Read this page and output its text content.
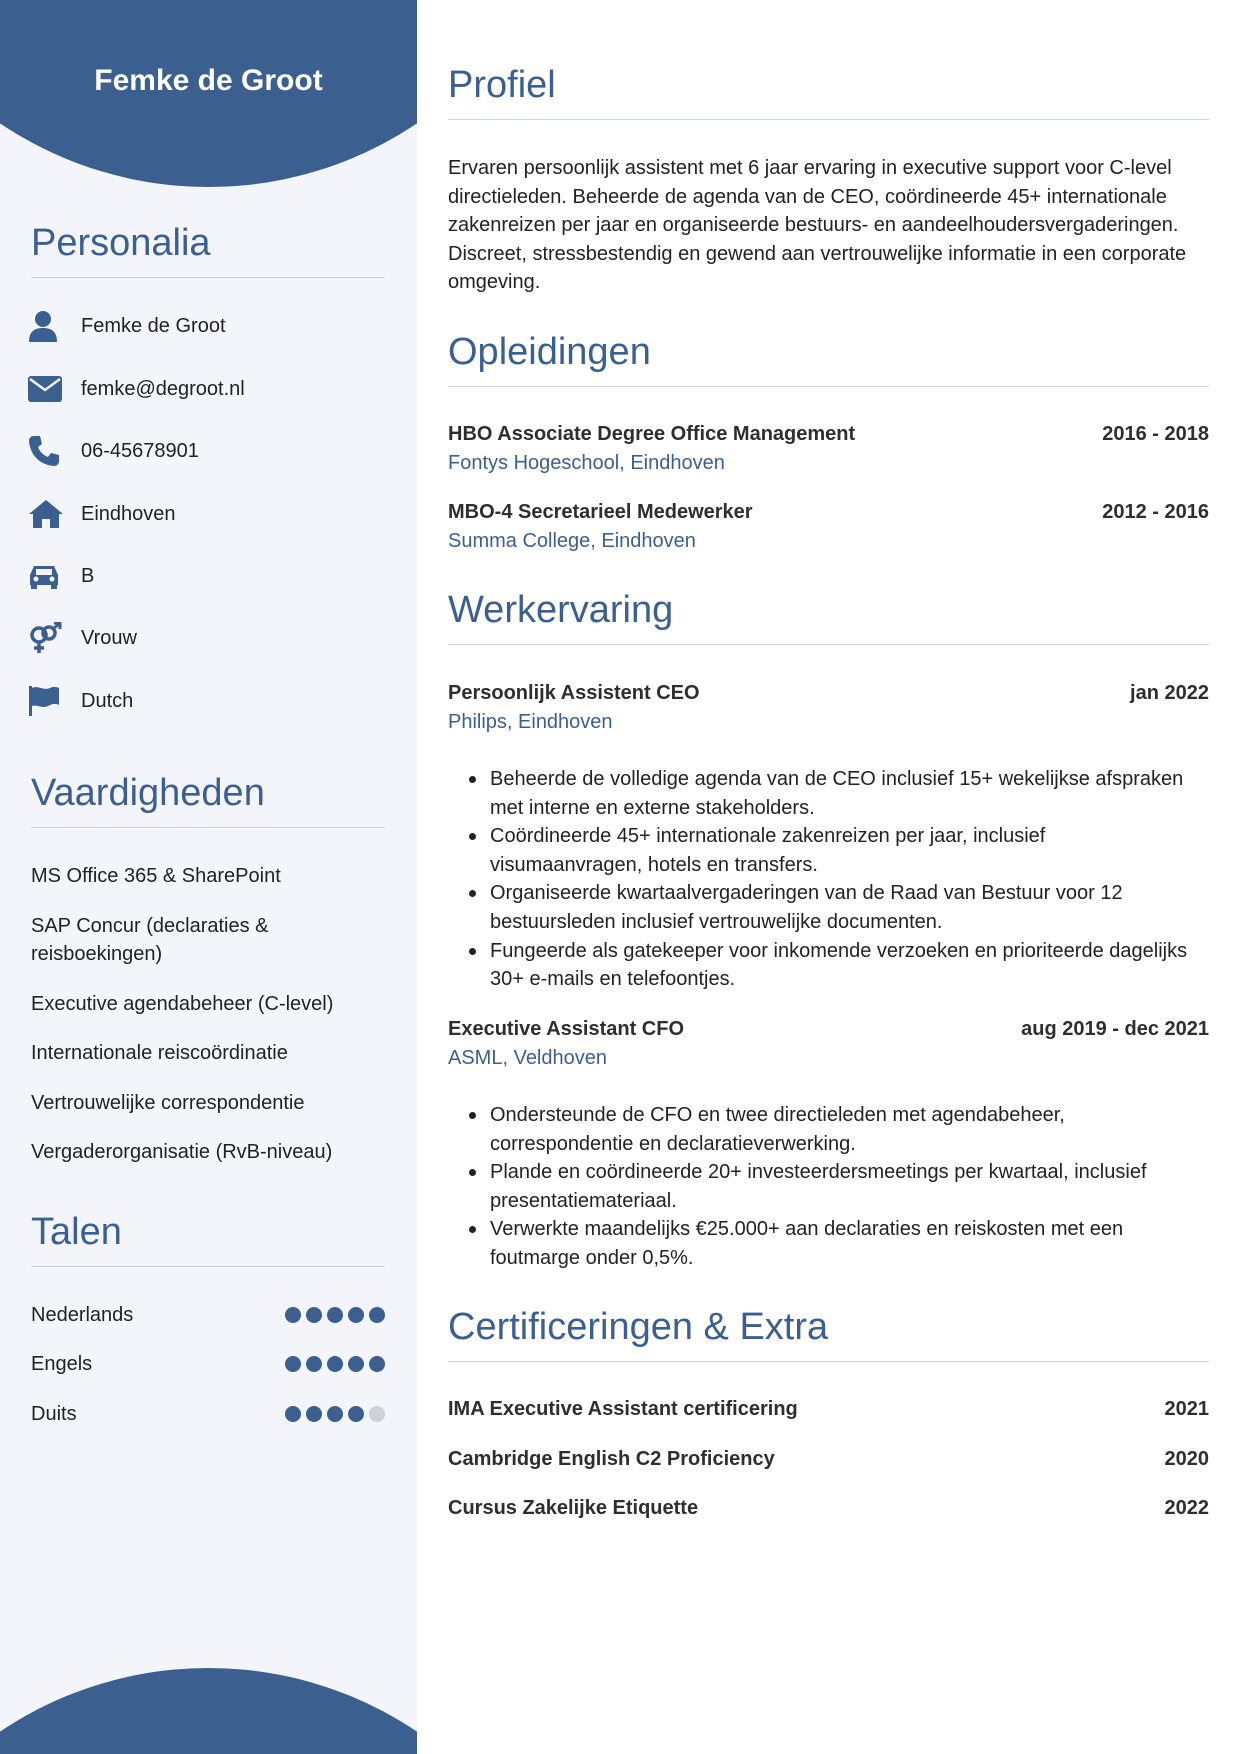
Femke de Groot
Personalia
Femke de Groot
femke@degroot.nl
06-45678901
Eindhoven
B
Vrouw
Dutch
Vaardigheden
MS Office 365 & SharePoint
SAP Concur (declaraties & reisboekingen)
Executive agendabeheer (C-level)
Internationale reiscoördinatie
Vertrouwelijke correspondentie
Vergaderorganisatie (RvB-niveau)
Talen
Nederlands
Engels
Duits
Profiel
Ervaren persoonlijk assistent met 6 jaar ervaring in executive support voor C-level directieleden. Beheerde de agenda van de CEO, coördineerde 45+ internationale zakenreizen per jaar en organiseerde bestuurs- en aandeelhoudersvergaderingen. Discreet, stressbestendig en gewend aan vertrouwelijke informatie in een corporate omgeving.
Opleidingen
HBO Associate Degree Office Management	2016 - 2018
Fontys Hogeschool, Eindhoven
MBO-4 Secretarieel Medewerker	2012 - 2016
Summa College, Eindhoven
Werkervaring
Persoonlijk Assistent CEO	jan 2022
Philips, Eindhoven
Beheerde de volledige agenda van de CEO inclusief 15+ wekelijkse afspraken met interne en externe stakeholders.
Coördineerde 45+ internationale zakenreizen per jaar, inclusief visumaanvragen, hotels en transfers.
Organiseerde kwartaalvergaderingen van de Raad van Bestuur voor 12 bestuursleden inclusief vertrouwelijke documenten.
Fungeerde als gatekeeper voor inkomende verzoeken en prioriteerde dagelijks 30+ e-mails en telefoontjes.
Executive Assistant CFO	aug 2019 - dec 2021
ASML, Veldhoven
Ondersteunde de CFO en twee directieleden met agendabeheer, correspondentie en declaratieverwerking.
Plande en coördineerde 20+ investeerdersmeetings per kwartaal, inclusief presentatiemateriaal.
Verwerkte maandelijks €25.000+ aan declaraties en reiskosten met een foutmarge onder 0,5%.
Certificeringen & Extra
IMA Executive Assistant certificering	2021
Cambridge English C2 Proficiency	2020
Cursus Zakelijke Etiquette	2022
